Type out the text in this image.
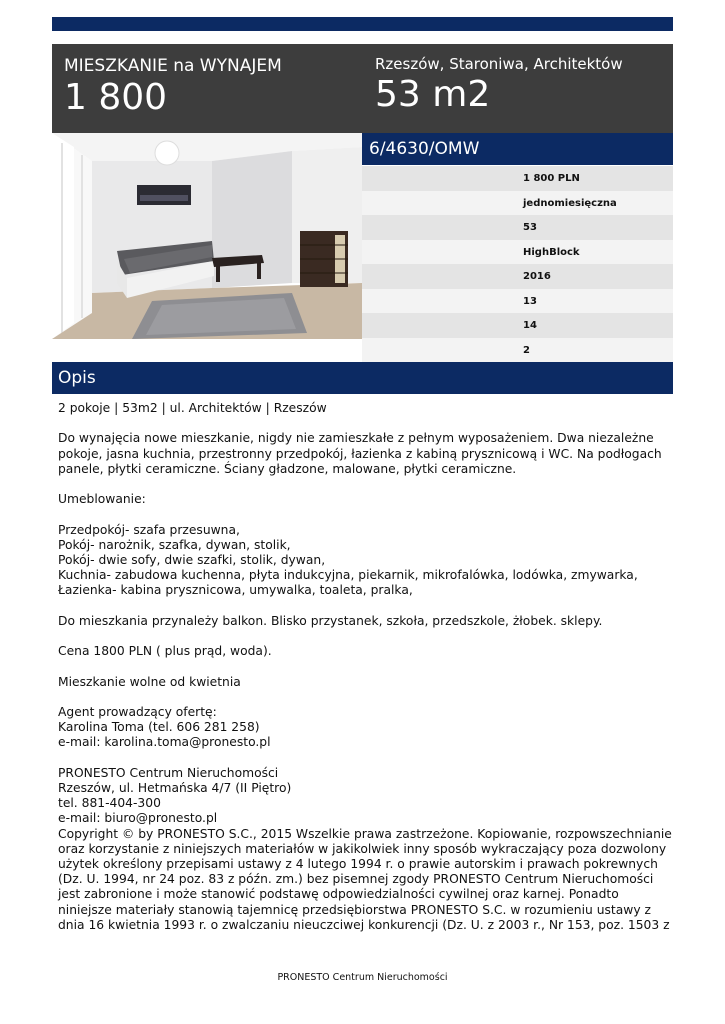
MIESZKANIE na WYNAJEM
1 800
Rzeszów, Staroniwa, Architektów
53 m2
6/4630/OMW
1 800 PLN
jednomiesięczna
53
HighBlock
2016
13
14
2
Opis

2 pokoje | 53m2 | ul. Architektów | Rzeszów

Do wynajęcia nowe mieszkanie, nigdy nie zamieszkałe z pełnym wyposażeniem. Dwa niezależne pokoje, jasna kuchnia, przestronny przedpokój, łazienka z kabiną prysznicową i WC. Na podłogach panele, płytki ceramiczne. Ściany gładzone, malowane, płytki ceramiczne.

Umeblowanie:

Przedpokój- szafa przesuwna,

Pokój- narożnik, szafka, dywan, stolik,

Pokój- dwie sofy, dwie szafki, stolik, dywan,

Kuchnia- zabudowa kuchenna, płyta indukcyjna, piekarnik, mikrofalówka, lodówka, zmywarka,

Łazienka- kabina prysznicowa, umywalka, toaleta, pralka,

Do mieszkania przynależy balkon. Blisko przystanek, szkoła, przedszkole, żłobek. sklepy.

Cena 1800 PLN ( plus prąd, woda).

Mieszkanie wolne od kwietnia

Agent prowadzący ofertę:

Karolina Toma (tel. 606 281 258)

e-mail: karolina.toma@pronesto.pl

PRONESTO Centrum Nieruchomości

Rzeszów, ul. Hetmańska 4/7 (II Piętro)

tel. 881-404-300

e-mail: biuro@pronesto.pl

Copyright © by PRONESTO S.C., 2015 Wszelkie prawa zastrzeżone. Kopiowanie, rozpowszechnianie oraz korzystanie z niniejszych materiałów w jakikolwiek inny sposób wykraczający poza dozwolony użytek określony przepisami ustawy z 4 lutego 1994 r. o prawie autorskim i prawach pokrewnych (Dz. U. 1994, nr 24 poz. 83 z późn. zm.) bez pisemnej zgody PRONESTO Centrum Nieruchomości jest zabronione i może stanowić podstawę odpowiedzialności cywilnej oraz karnej. Ponadto niniejsze materiały stanowią tajemnicę przedsiębiorstwa PRONESTO S.C. w rozumieniu ustawy z dnia 16 kwietnia 1993 r. o zwalczaniu nieuczciwej konkurencji (Dz. U. z 2003 r., Nr 153, poz. 1503 z

PRONESTO Centrum Nieruchomości
